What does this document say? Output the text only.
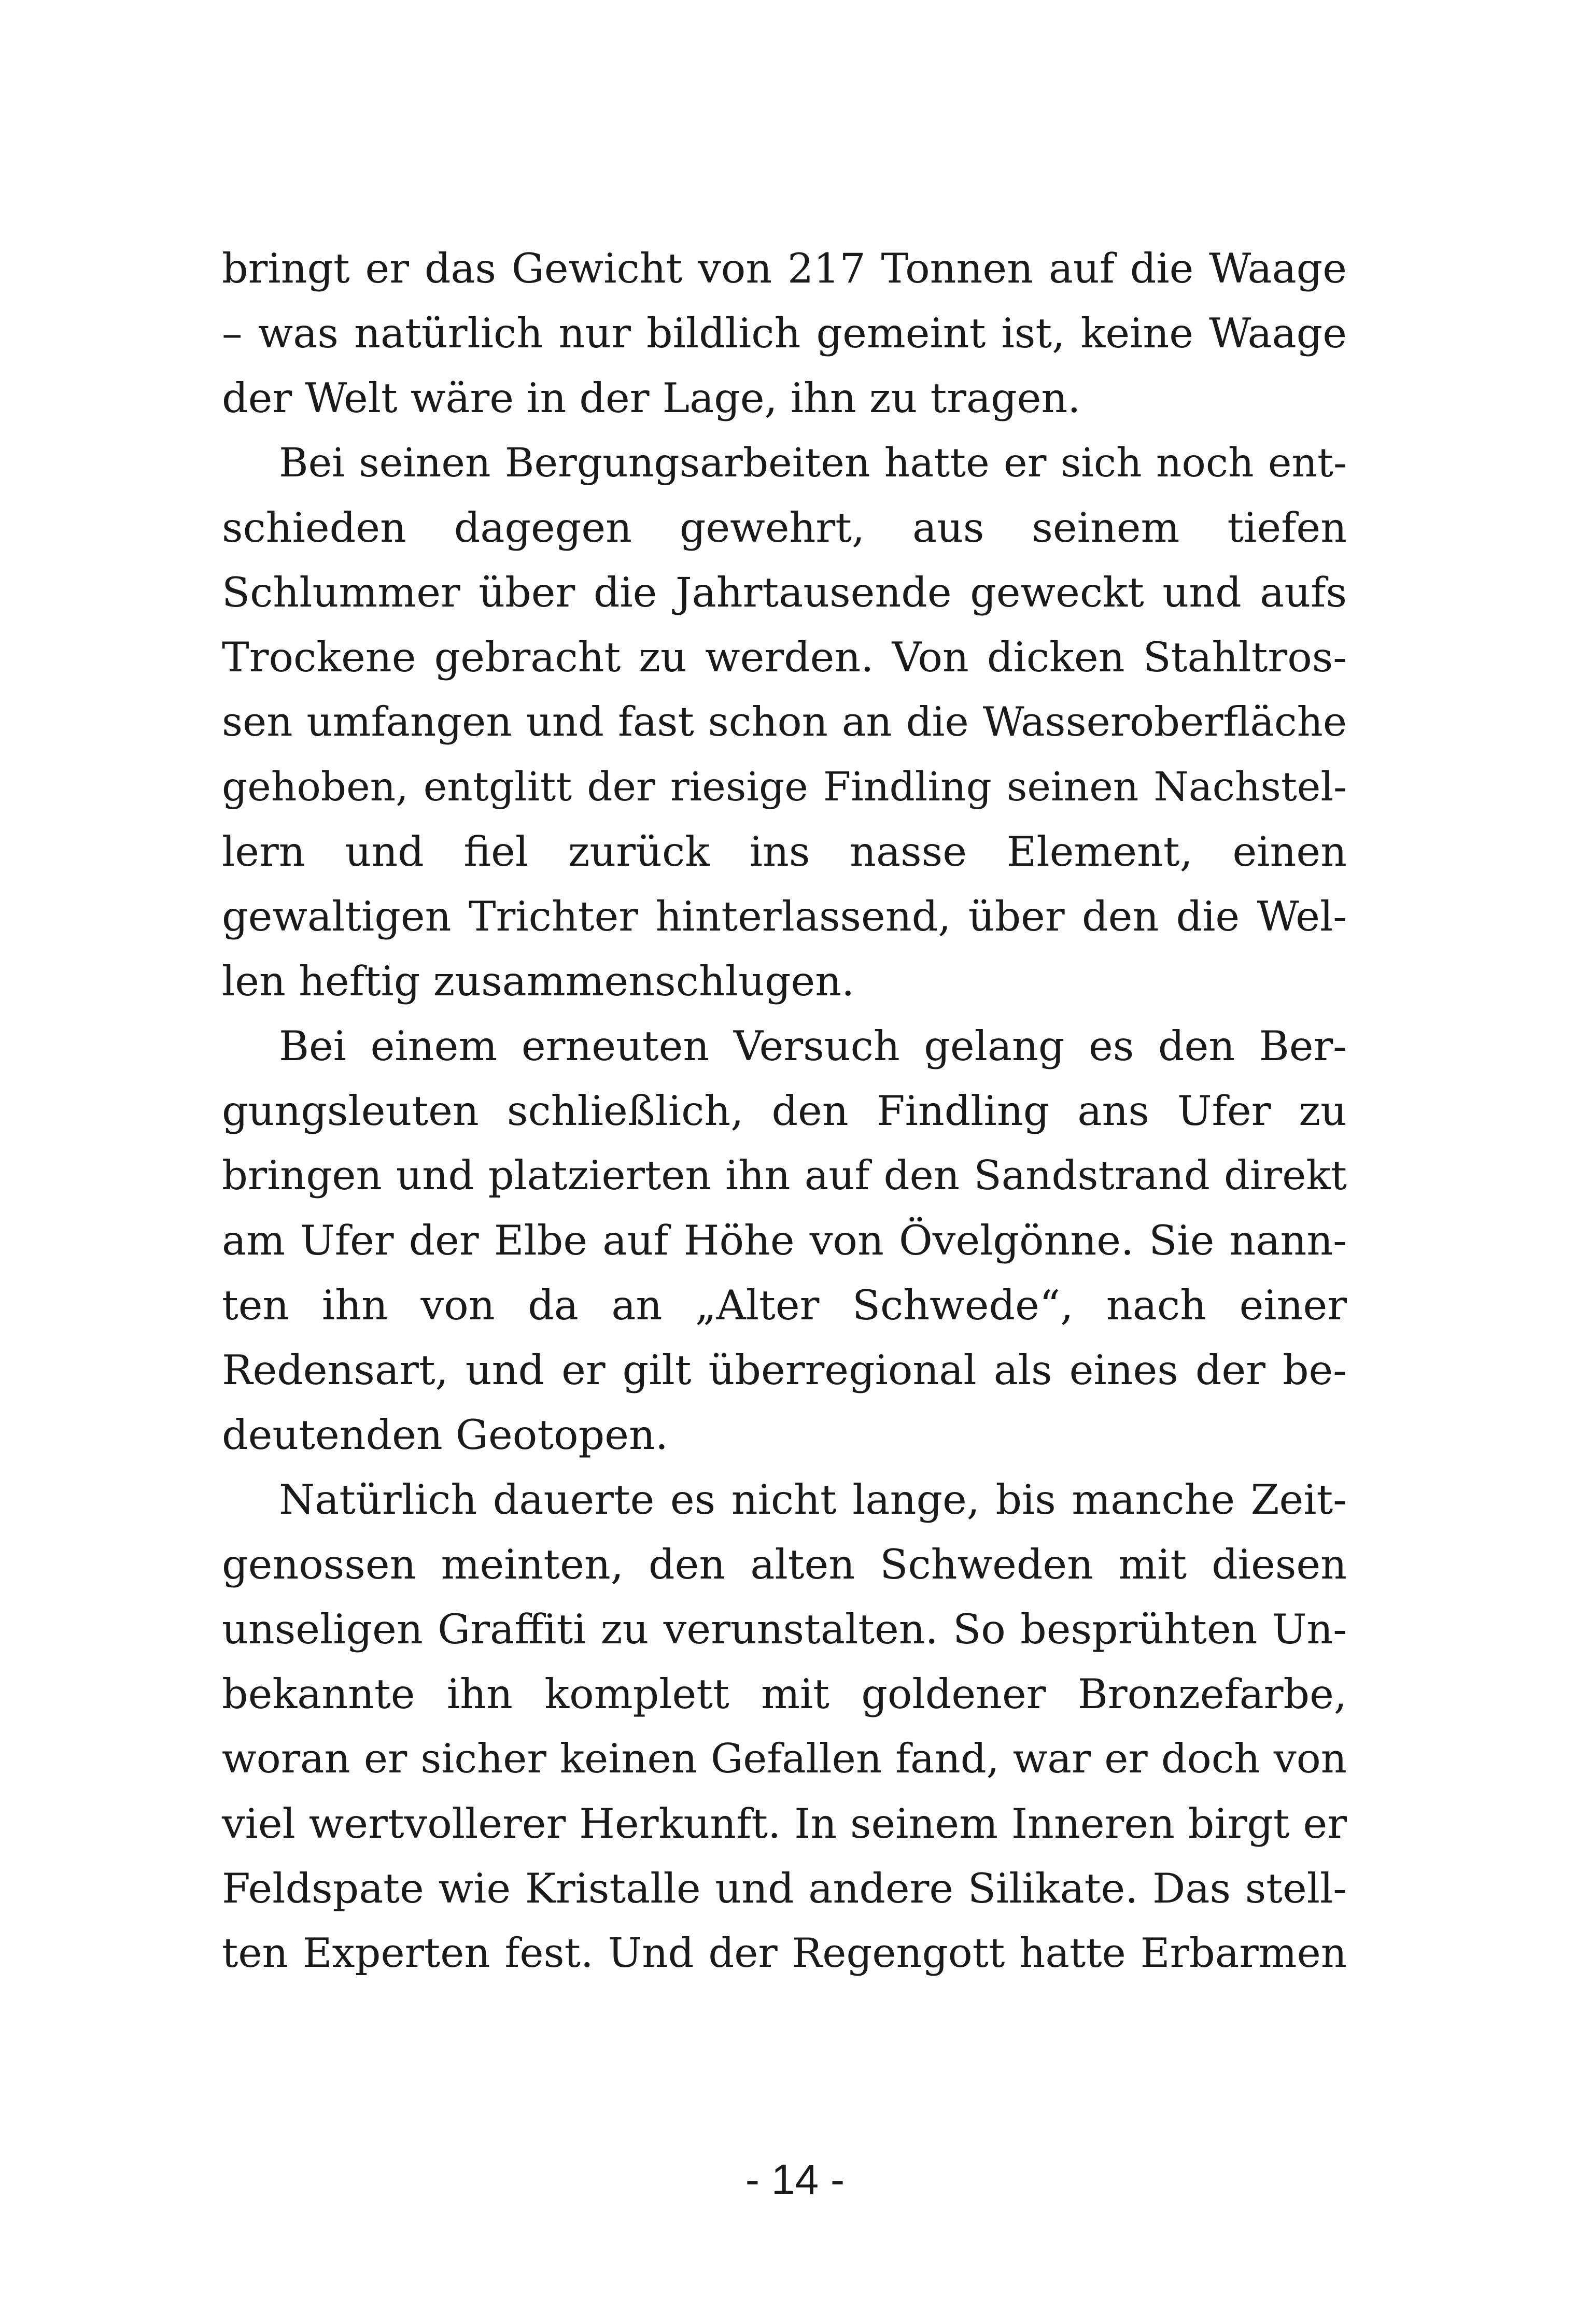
bringt er das Gewicht von 217 Tonnen auf die Waage
– was natürlich nur bildlich gemeint ist, keine Waage
der Welt wäre in der Lage, ihn zu tragen.
Bei seinen Bergungsarbeiten hatte er sich noch ent-
schieden dagegen gewehrt, aus seinem tiefen
Schlummer über die Jahrtausende geweckt und aufs
Trockene gebracht zu werden. Von dicken Stahltros-
sen umfangen und fast schon an die Wasseroberfläche
gehoben, entglitt der riesige Findling seinen Nachstel-
lern und fiel zurück ins nasse Element, einen
gewaltigen Trichter hinterlassend, über den die Wel-
len heftig zusammenschlugen.
Bei einem erneuten Versuch gelang es den Ber-
gungsleuten schließlich, den Findling ans Ufer zu
bringen und platzierten ihn auf den Sandstrand direkt
am Ufer der Elbe auf Höhe von Övelgönne. Sie nann-
ten ihn von da an „Alter Schwede“, nach einer
Redensart, und er gilt überregional als eines der be-
deutenden Geotopen.
Natürlich dauerte es nicht lange, bis manche Zeit-
genossen meinten, den alten Schweden mit diesen
unseligen Graffiti zu verunstalten. So besprühten Un-
bekannte ihn komplett mit goldener Bronzefarbe,
woran er sicher keinen Gefallen fand, war er doch von
viel wertvollerer Herkunft. In seinem Inneren birgt er
Feldspate wie Kristalle und andere Silikate. Das stell-
ten Experten fest. Und der Regengott hatte Erbarmen
- 14 -
